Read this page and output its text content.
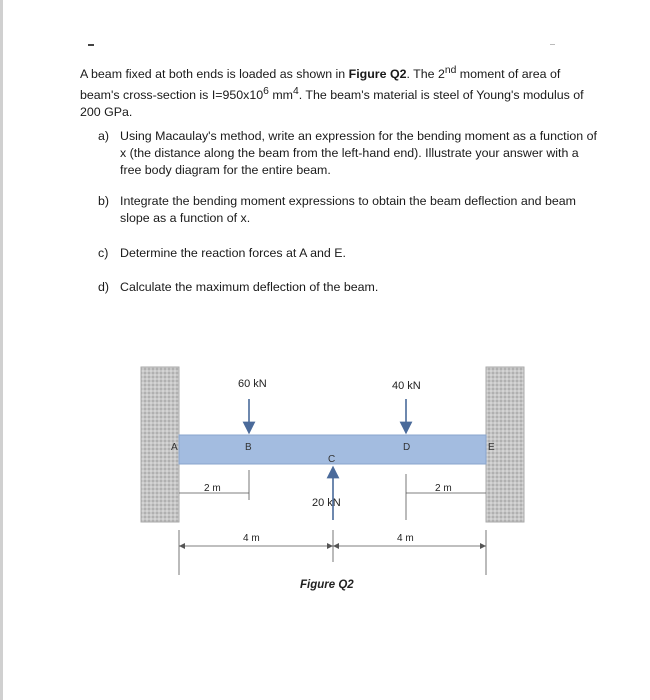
A beam fixed at both ends is loaded as shown in Figure Q2. The 2nd moment of area of beam's cross-section is $I=950x10^6$ $mm^4$. The beam's material is steel of Young's modulus of 200 GPa.

a) Using Macaulay's method, write an expression for the bending moment as a function of x (the distance along the beam from the left-hand end). Illustrate your answer with a free body diagram for the entire beam.
b) Integrate the bending moment expressions to obtain the beam deflection and beam slope as a function of x.
c) Determine the reaction forces at A and E.
d) Calculate the maximum deflection of the beam.
A	B
C
D	E
60 kN	40 kN
20 kN
2 m	2 m
4 m	4 m
Figure Q2
